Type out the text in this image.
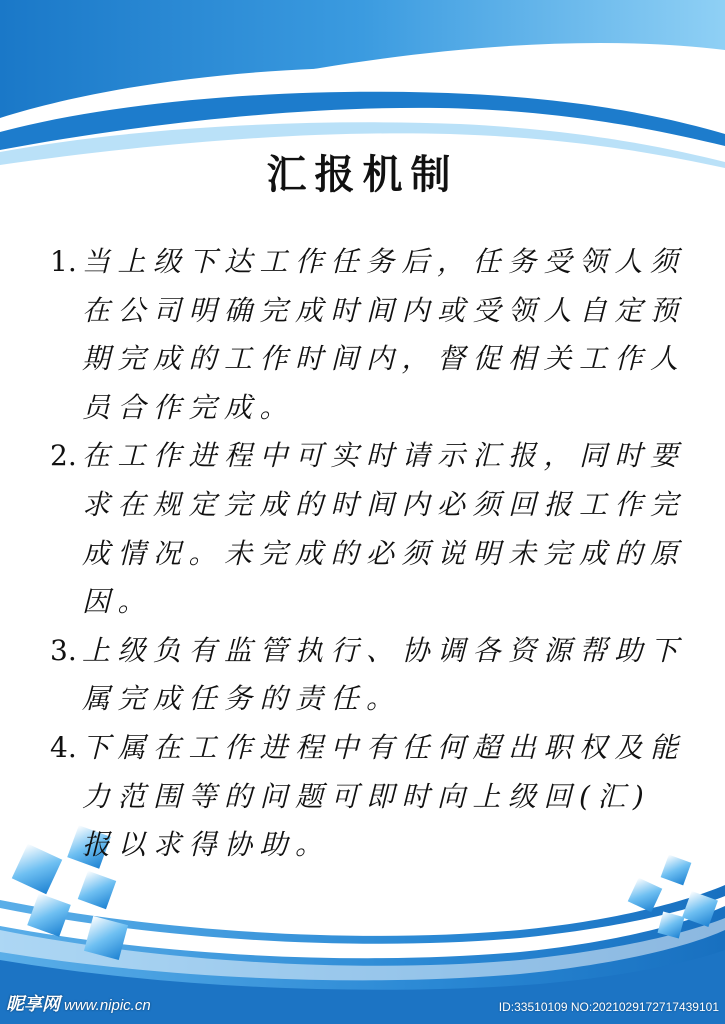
汇报机制

1. 当上级下达工作任务后，任务受领人须在公司明确完成时间内或受领人自定预期完成的工作时间内，督促相关工作人员合作完成。

2. 在工作进程中可实时请示汇报，同时要求在规定完成的时间内必须回报工作完成情况。未完成的必须说明未完成的原因。

3. 上级负有监管执行、协调各资源帮助下属完成任务的责任。

4. 下属在工作进程中有任何超出职权及能力范围等的问题可即时向上级回(汇)报以求得协助。

昵享网 www.nipic.cn	ID:33510109 NO:20210291727174391​01
